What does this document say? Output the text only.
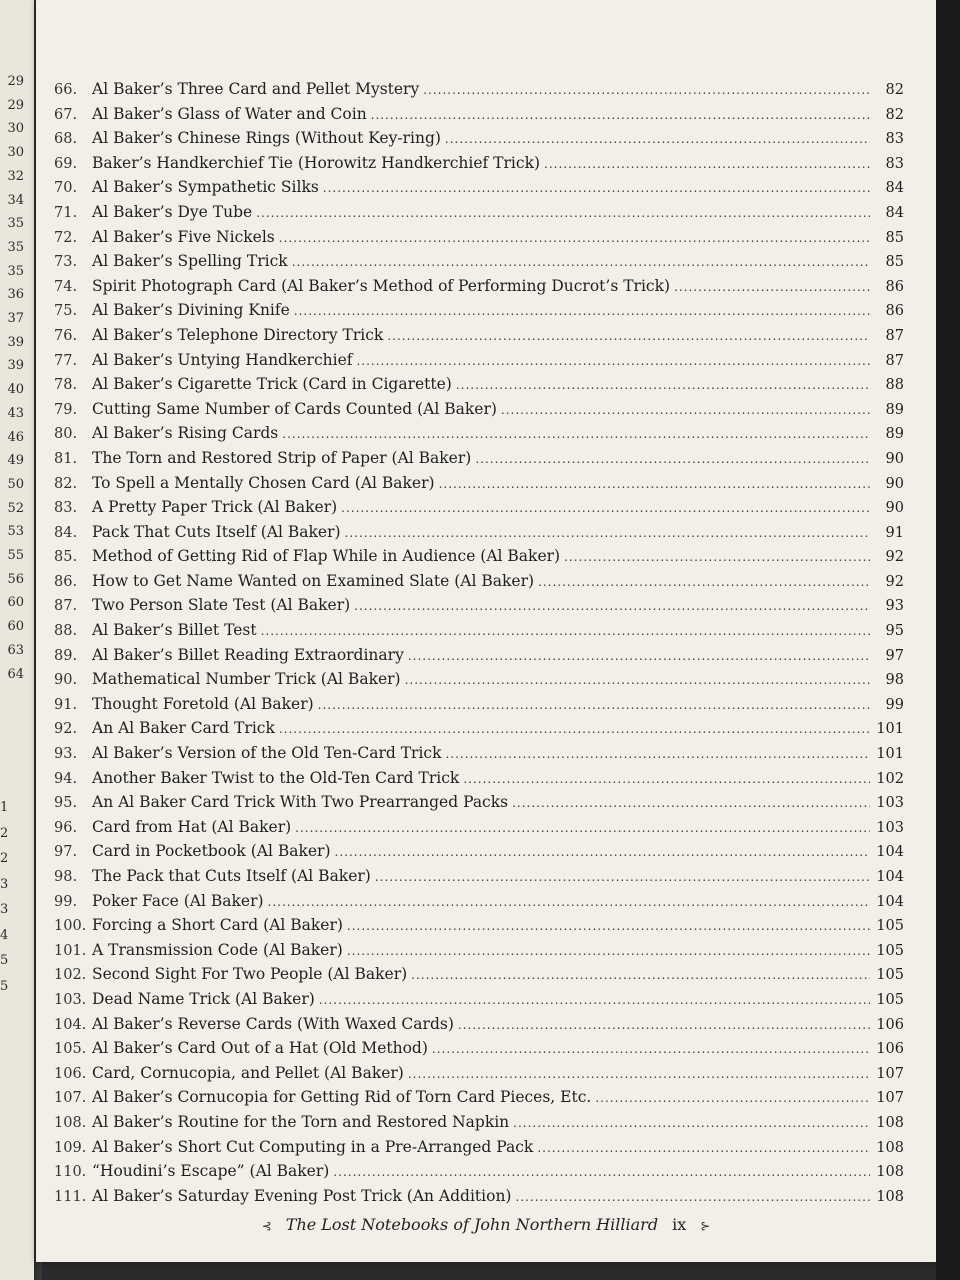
29
29
30
30
32
34
35
35
35
36
37
39
39
40
43
46
49
50
52
53
55
56
60
60
63
64
1
2
2
3
3
4
5
5
66. Al Baker’s Three Card and Pellet Mystery .....	82
67. Al Baker’s Glass of Water and Coin .....	82
68. Al Baker’s Chinese Rings (Without Key-ring) .....	83
69. Baker’s Handkerchief Tie (Horowitz Handkerchief Trick) .....	83
70. Al Baker’s Sympathetic Silks .....	84
71. Al Baker’s Dye Tube .....	84
72. Al Baker’s Five Nickels .....	85
73. Al Baker’s Spelling Trick .....	85
74. Spirit Photograph Card (Al Baker’s Method of Performing Ducrot’s Trick) .....	86
75. Al Baker’s Divining Knife .....	86
76. Al Baker’s Telephone Directory Trick .....	87
77. Al Baker’s Untying Handkerchief .....	87
78. Al Baker’s Cigarette Trick (Card in Cigarette) .....	88
79. Cutting Same Number of Cards Counted (Al Baker) .....	89
80. Al Baker’s Rising Cards .....	89
81. The Torn and Restored Strip of Paper (Al Baker) .....	90
82. To Spell a Mentally Chosen Card (Al Baker) .....	90
83. A Pretty Paper Trick (Al Baker) .....	90
84. Pack That Cuts Itself (Al Baker) .....	91
85. Method of Getting Rid of Flap While in Audience (Al Baker) .....	92
86. How to Get Name Wanted on Examined Slate (Al Baker) .....	92
87. Two Person Slate Test (Al Baker) .....	93
88. Al Baker’s Billet Test .....	95
89. Al Baker’s Billet Reading Extraordinary .....	97
90. Mathematical Number Trick (Al Baker) .....	98
91. Thought Foretold (Al Baker) .....	99
92. An Al Baker Card Trick .....	101
93. Al Baker’s Version of the Old Ten-Card Trick .....	101
94. Another Baker Twist to the Old-Ten Card Trick .....	102
95. An Al Baker Card Trick With Two Prearranged Packs .....	103
96. Card from Hat (Al Baker) .....	103
97. Card in Pocketbook (Al Baker) .....	104
98. The Pack that Cuts Itself (Al Baker) .....	104
99. Poker Face (Al Baker) .....	104
100. Forcing a Short Card (Al Baker) .....	105
101. A Transmission Code (Al Baker) .....	105
102. Second Sight For Two People (Al Baker) .....	105
103. Dead Name Trick (Al Baker) .....	105
104. Al Baker’s Reverse Cards (With Waxed Cards) .....	106
105. Al Baker’s Card Out of a Hat (Old Method) .....	106
106. Card, Cornucopia, and Pellet (Al Baker) .....	107
107. Al Baker’s Cornucopia for Getting Rid of Torn Card Pieces, Etc. .....	107
108. Al Baker’s Routine for the Torn and Restored Napkin .....	108
109. Al Baker’s Short Cut Computing in a Pre-Arranged Pack .....	108
110. “Houdini’s Escape” (Al Baker) .....	108
111. Al Baker’s Saturday Evening Post Trick (An Addition) .....	108
⊰ The Lost Notebooks of John Northern Hilliard ix ⊱
